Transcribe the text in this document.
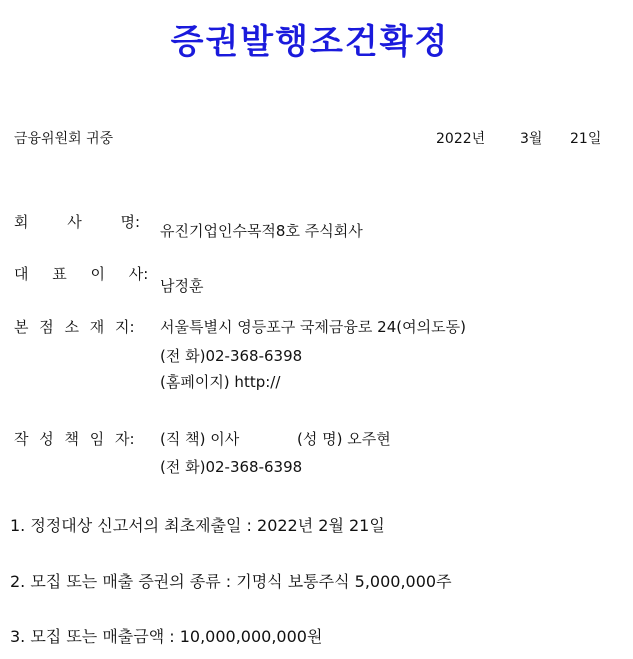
증권발행조건확정
금융위원회 귀중	2022년 3월 21일
회 사 명: 유진기업인수목적8호 주식회사
대 표 이 사:
남정훈
본 점 소 재 지: 서울특별시 영등포구 국제금융로 24(여의도동)
(전 화)02-368-6398
(홈페이지) http://
작 성 책 임 자: (직 책) 이사	(성 명) 오주현
(전 화)02-368-6398
1. 정정대상 신고서의 최초제출일 : 2022년 2월 21일
2. 모집 또는 매출 증권의 종류 : 기명식 보통주식 5,000,000주
3. 모집 또는 매출금액 : 10,000,000,000원
